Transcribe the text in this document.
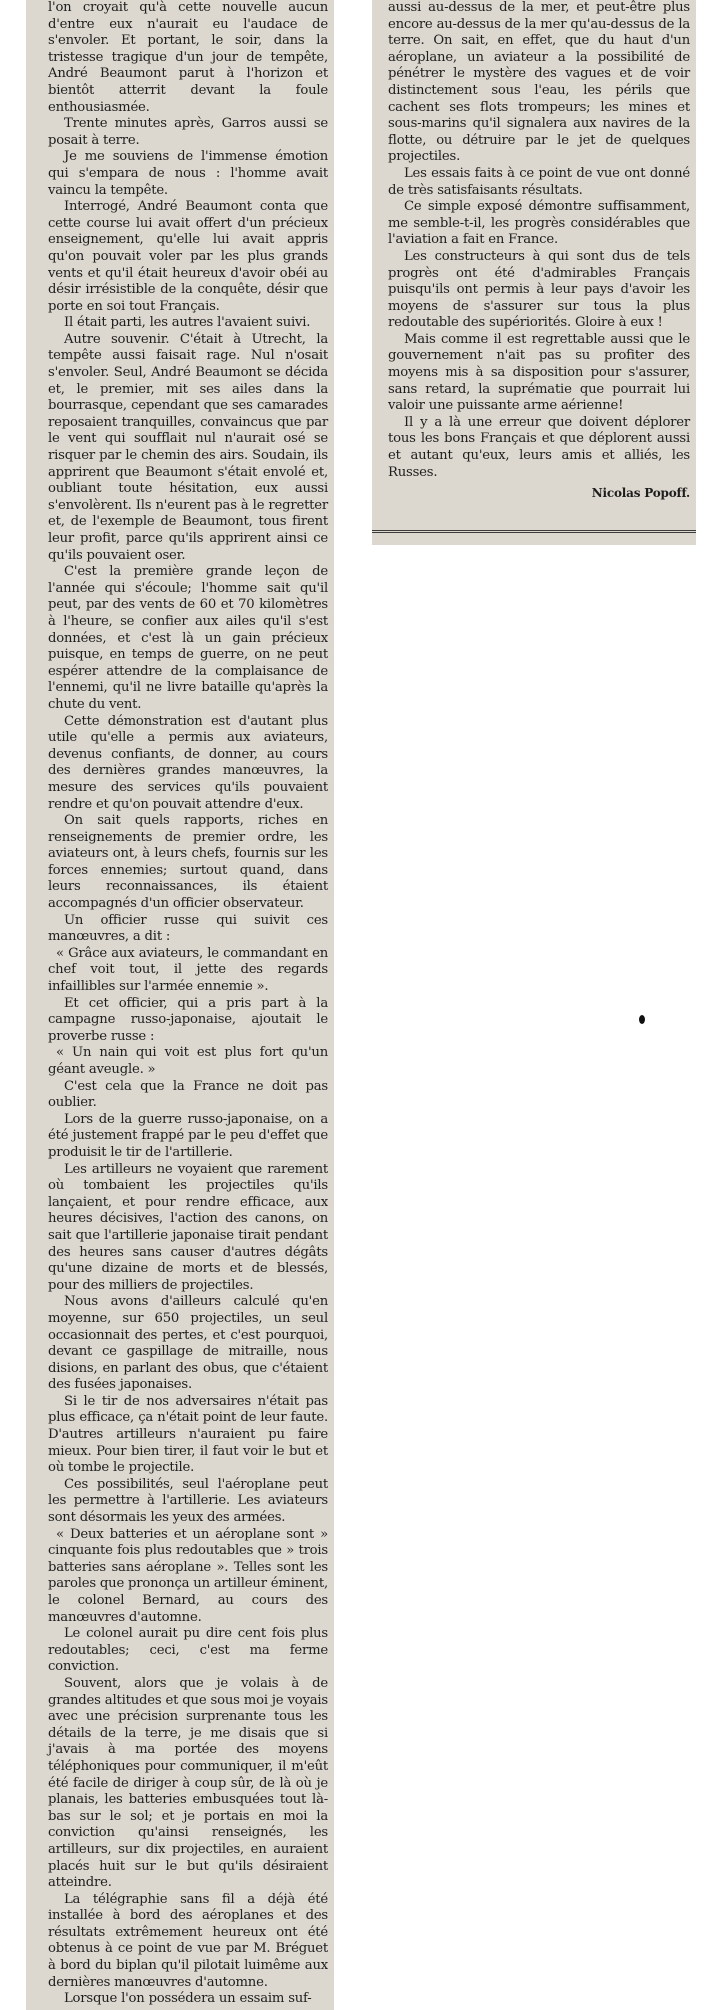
l'on croyait qu'à cette nouvelle aucun d'entre eux n'aurait eu l'audace de s'envoler. Et portant, le soir, dans la tristesse tragique d'un jour de tempête, André Beaumont parut à l'horizon et bientôt atterrit devant la foule enthousiasmée.

Trente minutes après, Garros aussi se posait à terre.

Je me souviens de l'immense émotion qui s'empara de nous : l'homme avait vaincu la tempête.

Interrogé, André Beaumont conta que cette course lui avait offert d'un précieux enseignement, qu'elle lui avait appris qu'on pouvait voler par les plus grands vents et qu'il était heureux d'avoir obéi au désir irrésistible de la conquête, désir que porte en soi tout Français.

Il était parti, les autres l'avaient suivi.

Autre souvenir. C'était à Utrecht, la tempête aussi faisait rage. Nul n'osait s'envoler. Seul, André Beaumont se décida et, le premier, mit ses ailes dans la bourrasque, cependant que ses camarades reposaient tranquilles, convaincus que par le vent qui soufflait nul n'aurait osé se risquer par le chemin des airs. Soudain, ils apprirent que Beaumont s'était envolé et, oubliant toute hésitation, eux aussi s'envolèrent. Ils n'eurent pas à le regretter et, de l'exemple de Beaumont, tous firent leur profit, parce qu'ils apprirent ainsi ce qu'ils pouvaient oser.

C'est la première grande leçon de l'année qui s'écoule; l'homme sait qu'il peut, par des vents de 60 et 70 kilomètres à l'heure, se confier aux ailes qu'il s'est données, et c'est là un gain précieux puisque, en temps de guerre, on ne peut espérer attendre de la complaisance de l'ennemi, qu'il ne livre bataille qu'après la chute du vent.

Cette démonstration est d'autant plus utile qu'elle a permis aux aviateurs, devenus confiants, de donner, au cours des dernières grandes manœuvres, la mesure des services qu'ils pouvaient rendre et qu'on pouvait attendre d'eux.

On sait quels rapports, riches en renseignements de premier ordre, les aviateurs ont, à leurs chefs, fournis sur les forces ennemies; surtout quand, dans leurs reconnaissances, ils étaient accompagnés d'un officier observateur.

Un officier russe qui suivit ces manœuvres, a dit :

« Grâce aux aviateurs, le commandant en chef voit tout, il jette des regards infaillibles sur l'armée ennemie ».

Et cet officier, qui a pris part à la campagne russo-japonaise, ajoutait le proverbe russe :

« Un nain qui voit est plus fort qu'un géant aveugle. »

C'est cela que la France ne doit pas oublier.

Lors de la guerre russo-japonaise, on a été justement frappé par le peu d'effet que produisit le tir de l'artillerie.

Les artilleurs ne voyaient que rarement où tombaient les projectiles qu'ils lançaient, et pour rendre efficace, aux heures décisives, l'action des canons, on sait que l'artillerie japonaise tirait pendant des heures sans causer d'autres dégâts qu'une dizaine de morts et de blessés, pour des milliers de projectiles.

Nous avons d'ailleurs calculé qu'en moyenne, sur 650 projectiles, un seul occasionnait des pertes, et c'est pourquoi, devant ce gaspillage de mitraille, nous disions, en parlant des obus, que c'étaient des fusées japonaises.

Si le tir de nos adversaires n'était pas plus efficace, ça n'était point de leur faute. D'autres artilleurs n'auraient pu faire mieux. Pour bien tirer, il faut voir le but et où tombe le projectile.

Ces possibilités, seul l'aéroplane peut les permettre à l'artillerie. Les aviateurs sont désormais les yeux des armées.

« Deux batteries et un aéroplane sont » cinquante fois plus redoutables que » trois batteries sans aéroplane ». Telles sont les paroles que prononça un artilleur éminent, le colonel Bernard, au cours des manœuvres d'automne.

Le colonel aurait pu dire cent fois plus redoutables; ceci, c'est ma ferme conviction.

Souvent, alors que je volais à de grandes altitudes et que sous moi je voyais avec une précision surprenante tous les détails de la terre, je me disais que si j'avais à ma portée des moyens téléphoniques pour communiquer, il m'eût été facile de diriger à coup sûr, de là où je planais, les batteries embusquées tout là-bas sur le sol; et je portais en moi la conviction qu'ainsi renseignés, les artilleurs, sur dix projectiles, en auraient placés huit sur le but qu'ils désiraient atteindre.

La télégraphie sans fil a déjà été installée à bord des aéroplanes et des résultats extrêmement heureux ont été obtenus à ce point de vue par M. Bréguet à bord du biplan qu'il pilotait luimême aux dernières manœuvres d'automne.

Lorsque l'on possédera un essaim suf-

aussi au-dessus de la mer, et peut-être plus encore au-dessus de la mer qu'au-dessus de la terre. On sait, en effet, que du haut d'un aéroplane, un aviateur a la possibilité de pénétrer le mystère des vagues et de voir distinctement sous l'eau, les périls que cachent ses flots trompeurs; les mines et sous-marins qu'il signalera aux navires de la flotte, ou détruire par le jet de quelques projectiles.

Les essais faits à ce point de vue ont donné de très satisfaisants résultats.

Ce simple exposé démontre suffisamment, me semble-t-il, les progrès considérables que l'aviation a fait en France.

Les constructeurs à qui sont dus de tels progrès ont été d'admirables Français puisqu'ils ont permis à leur pays d'avoir les moyens de s'assurer sur tous la plus redoutable des supériorités. Gloire à eux !

Mais comme il est regrettable aussi que le gouvernement n'ait pas su profiter des moyens mis à sa disposition pour s'assurer, sans retard, la suprématie que pourrait lui valoir une puissante arme aérienne!

Il y a là une erreur que doivent déplorer tous les bons Français et que déplorent aussi et autant qu'eux, leurs amis et alliés, les Russes.

Nicolas Popoff.
